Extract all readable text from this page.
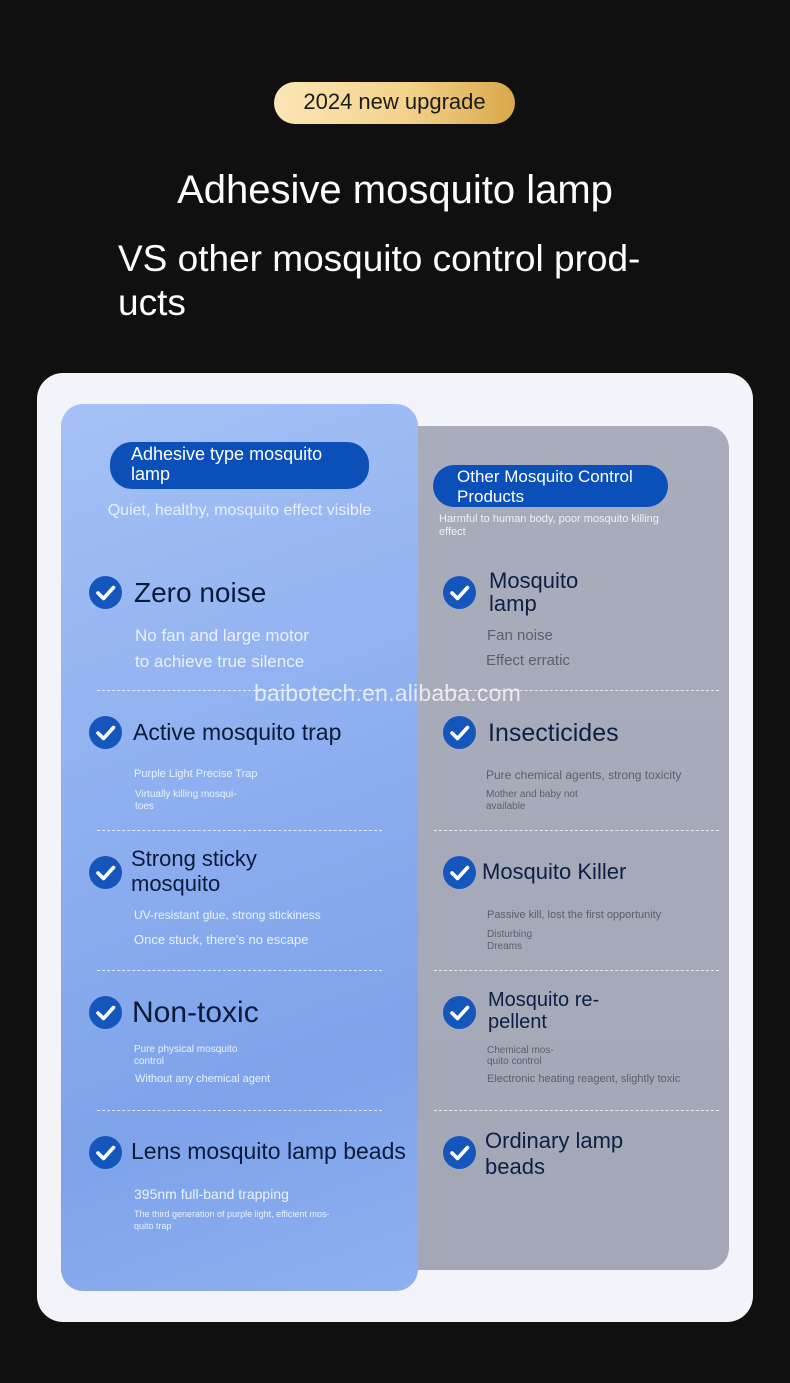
2024 new upgrade
Adhesive mosquito lamp
VS other mosquito control prod-
ucts
Adhesive type mosquito
lamp
Quiet, healthy, mosquito effect visible
Other Mosquito Control
Products
Harmful to human body, poor mosquito killing
effect
Zero noise
No fan and large motor
to achieve true silence
Active mosquito trap
Purple Light Precise Trap
Virtually killing mosqui-
toes
Strong sticky
mosquito
UV-resistant glue, strong stickiness
Once stuck, there's no escape
Non-toxic
Pure physical mosquito
control
Without any chemical agent
Lens mosquito lamp beads
395nm full-band trapping
The third generation of purple light, efficient mos-
quito trap
Mosquito
lamp
Fan noise
Effect erratic
Insecticides
Pure chemical agents, strong toxicity
Mother and baby not
available
Mosquito Killer
Passive kill, lost the first opportunity
Disturbing
Dreams
Mosquito re-
pellent
Chemical mos-
quito control
Electronic heating reagent, slightly toxic
Ordinary lamp
beads
baibotech.en.alibaba.com
